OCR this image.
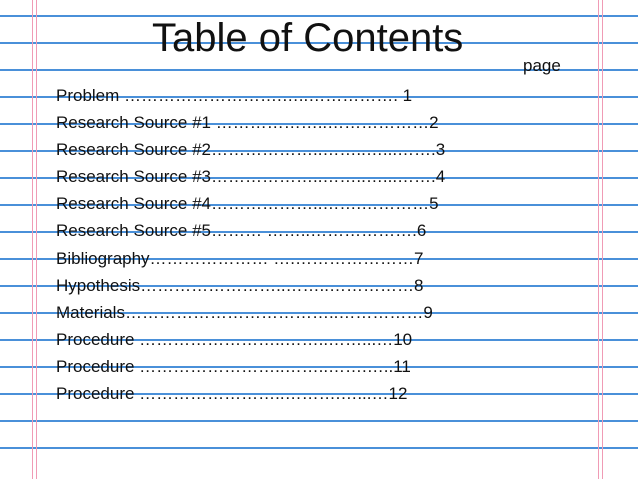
Table of Contents
page
Problem ……………………….…..……………. 1
Research Source #1 ………………..………………2
Research Source #2………………..……..…...…….3
Research Source #3………………..……..…...…….4
Research Source #4………………..…….…………5
Research Source #5……… ……..……………….6
Bibliography………………… ….…………………7
Hypothesis……………………..……..……………8
Materials………………………………..……………9
Procedure ……………………..……..……...…10
Procedure ……………………..……..…….…..11
Procedure ……………………..……….…...…12
